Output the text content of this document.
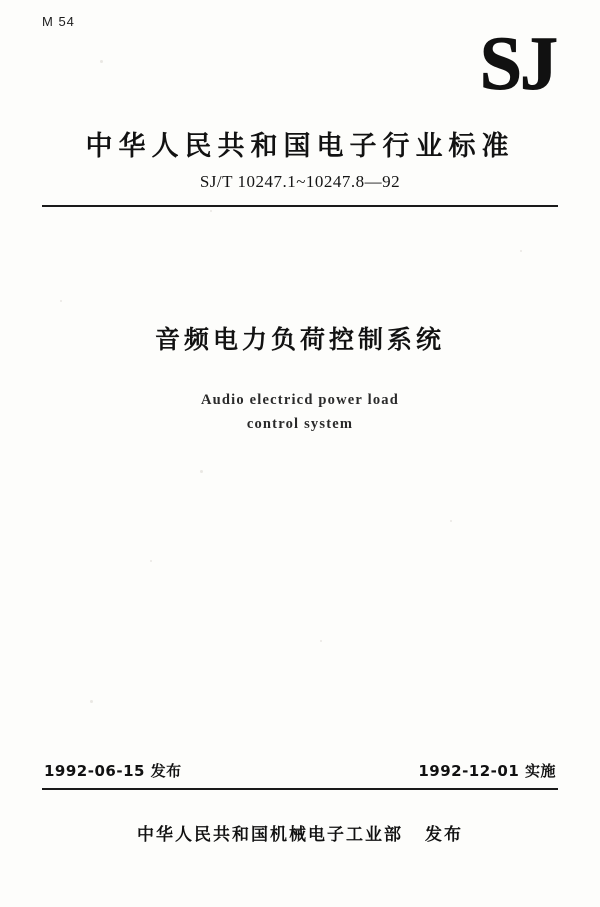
M 54
SJ
中华人民共和国电子行业标准
SJ/T 10247.1~10247.8—92
音频电力负荷控制系统
Audio electricd power load
control system
1992-06-15 发布	1992-12-01 实施
中华人民共和国机械电子工业部 发布
